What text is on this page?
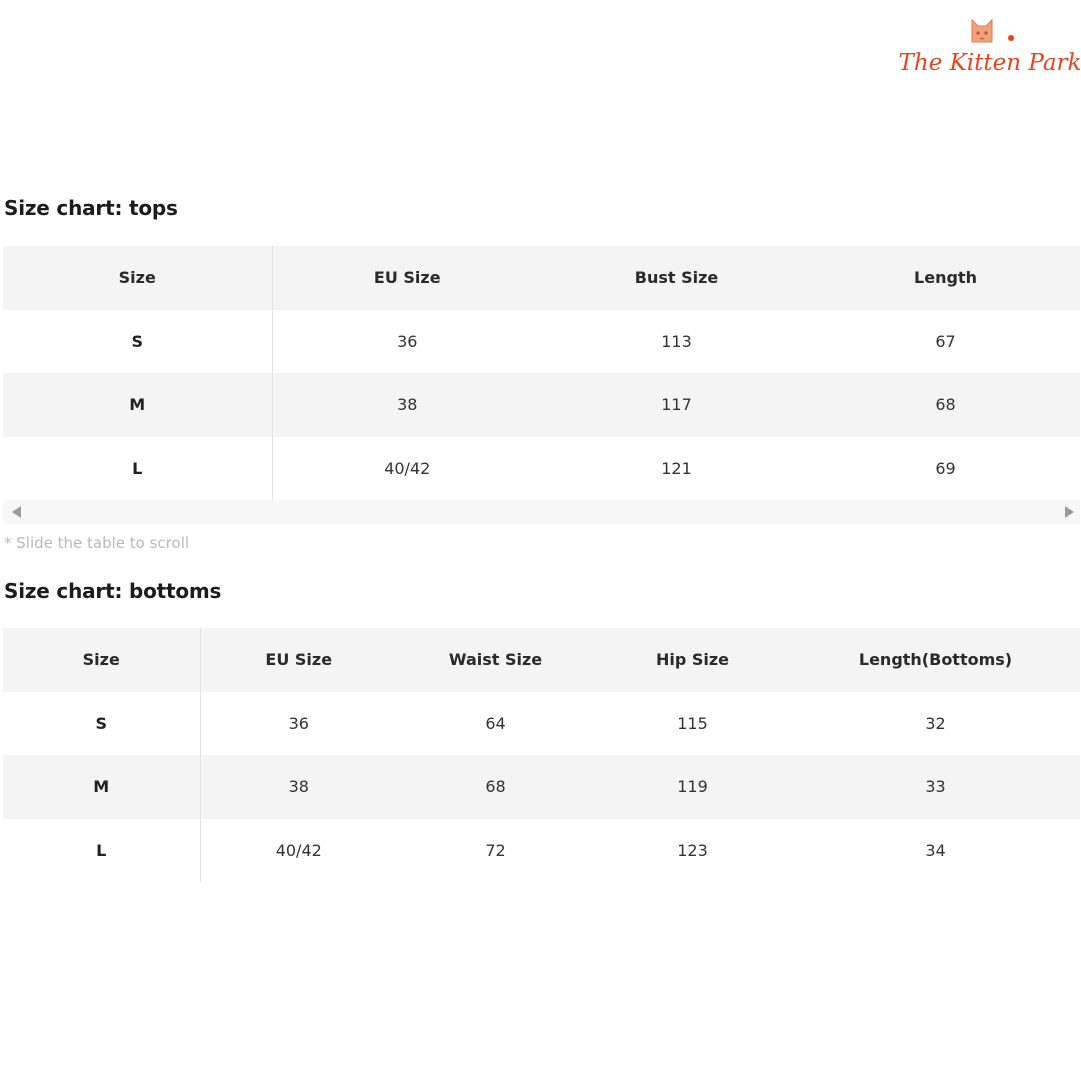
The Kitten Park
Size chart: tops
Size	EU Size	Bust Size	Length
S	36	113	67
M	38	117	68
L	40/42	121	69
* Slide the table to scroll
Size chart: bottoms
Size	EU Size	Waist Size	Hip Size	Length(Bottoms)
S	36	64	115	32
M	38	68	119	33
L	40/42	72	123	34
